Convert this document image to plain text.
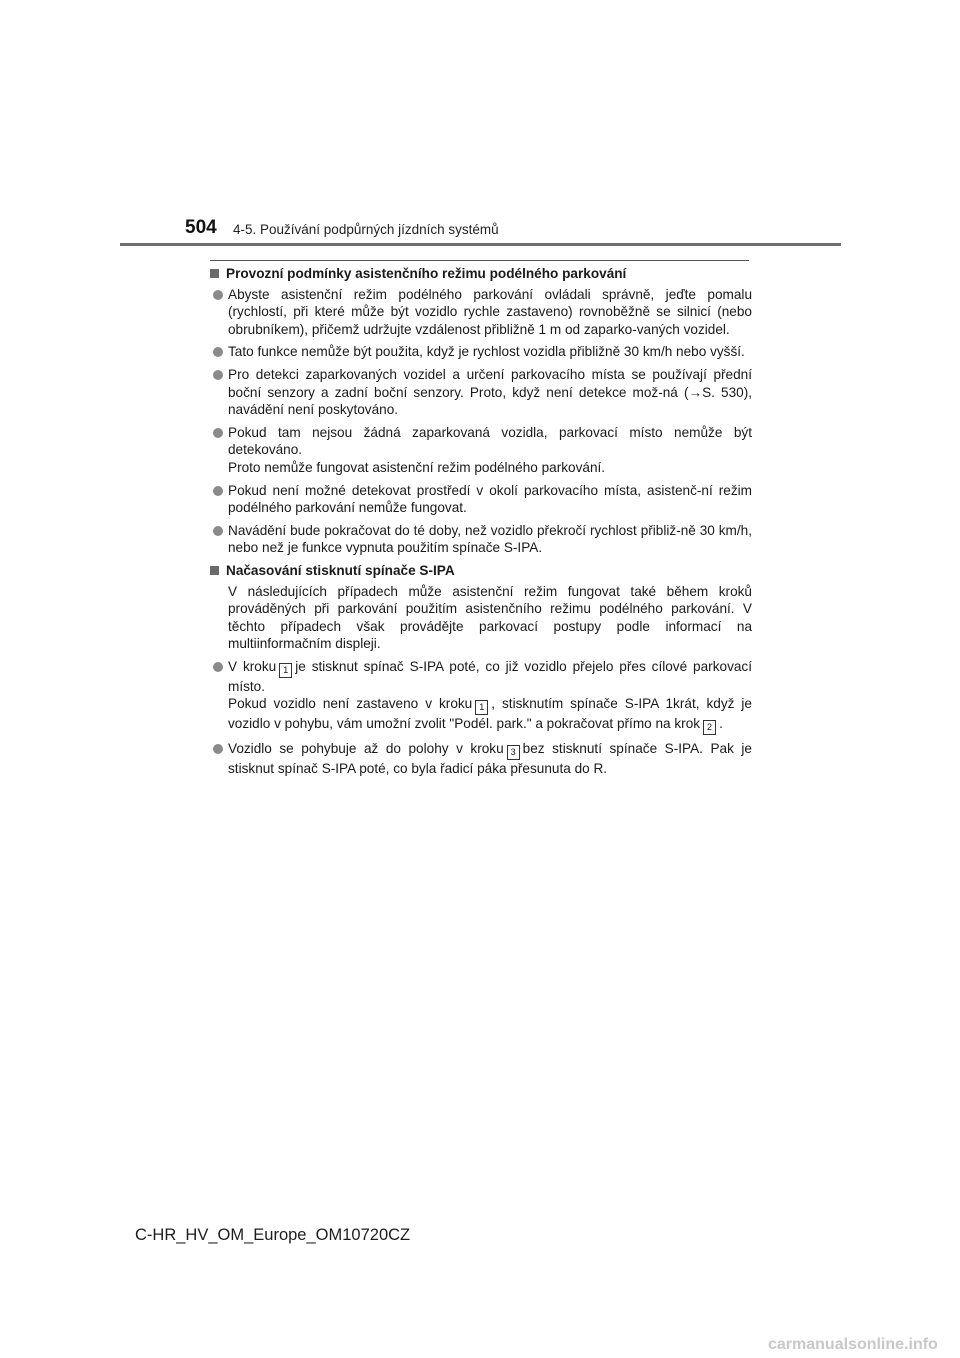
504 4-5. Používání podpůrných jízdních systémů
Provozní podmínky asistenčního režimu podélného parkování
Abyste asistenční režim podélného parkování ovládali správně, jeďte pomalu (rychlostí, při které může být vozidlo rychle zastaveno) rovnoběžně se silnicí (nebo obrubníkem), přičemž udržujte vzdálenost přibližně 1 m od zaparko-vaných vozidel.
Tato funkce nemůže být použita, když je rychlost vozidla přibližně 30 km/h nebo vyšší.
Pro detekci zaparkovaných vozidel a určení parkovacího místa se používají přední boční senzory a zadní boční senzory. Proto, když není detekce mož-ná (→S. 530), navádění není poskytováno.
Pokud tam nejsou žádná zaparkovaná vozidla, parkovací místo nemůže být detekováno.
Proto nemůže fungovat asistenční režim podélného parkování.
Pokud není možné detekovat prostředí v okolí parkovacího místa, asistenč-ní režim podélného parkování nemůže fungovat.
Navádění bude pokračovat do té doby, než vozidlo překročí rychlost přibliž-ně 30 km/h, nebo než je funkce vypnuta použitím spínače S-IPA.
Načasování stisknutí spínače S-IPA
V následujících případech může asistenční režim fungovat také během kroků prováděných při parkování použitím asistenčního režimu podélného parkování. V těchto případech však provádějte parkovací postupy podle informací na multiinformačním displeji.
V kroku 1 je stisknut spínač S-IPA poté, co již vozidlo přejelo přes cílové parkovací místo.
Pokud vozidlo není zastaveno v kroku 1 , stisknutím spínače S-IPA 1krát, když je vozidlo v pohybu, vám umožní zvolit "Podél. park." a pokračovat přímo na krok 2 .
Vozidlo se pohybuje až do polohy v kroku 3 bez stisknutí spínače S-IPA. Pak je stisknut spínač S-IPA poté, co byla řadicí páka přesunuta do R.
C-HR_HV_OM_Europe_OM10720CZ
carmanualsonline.info
